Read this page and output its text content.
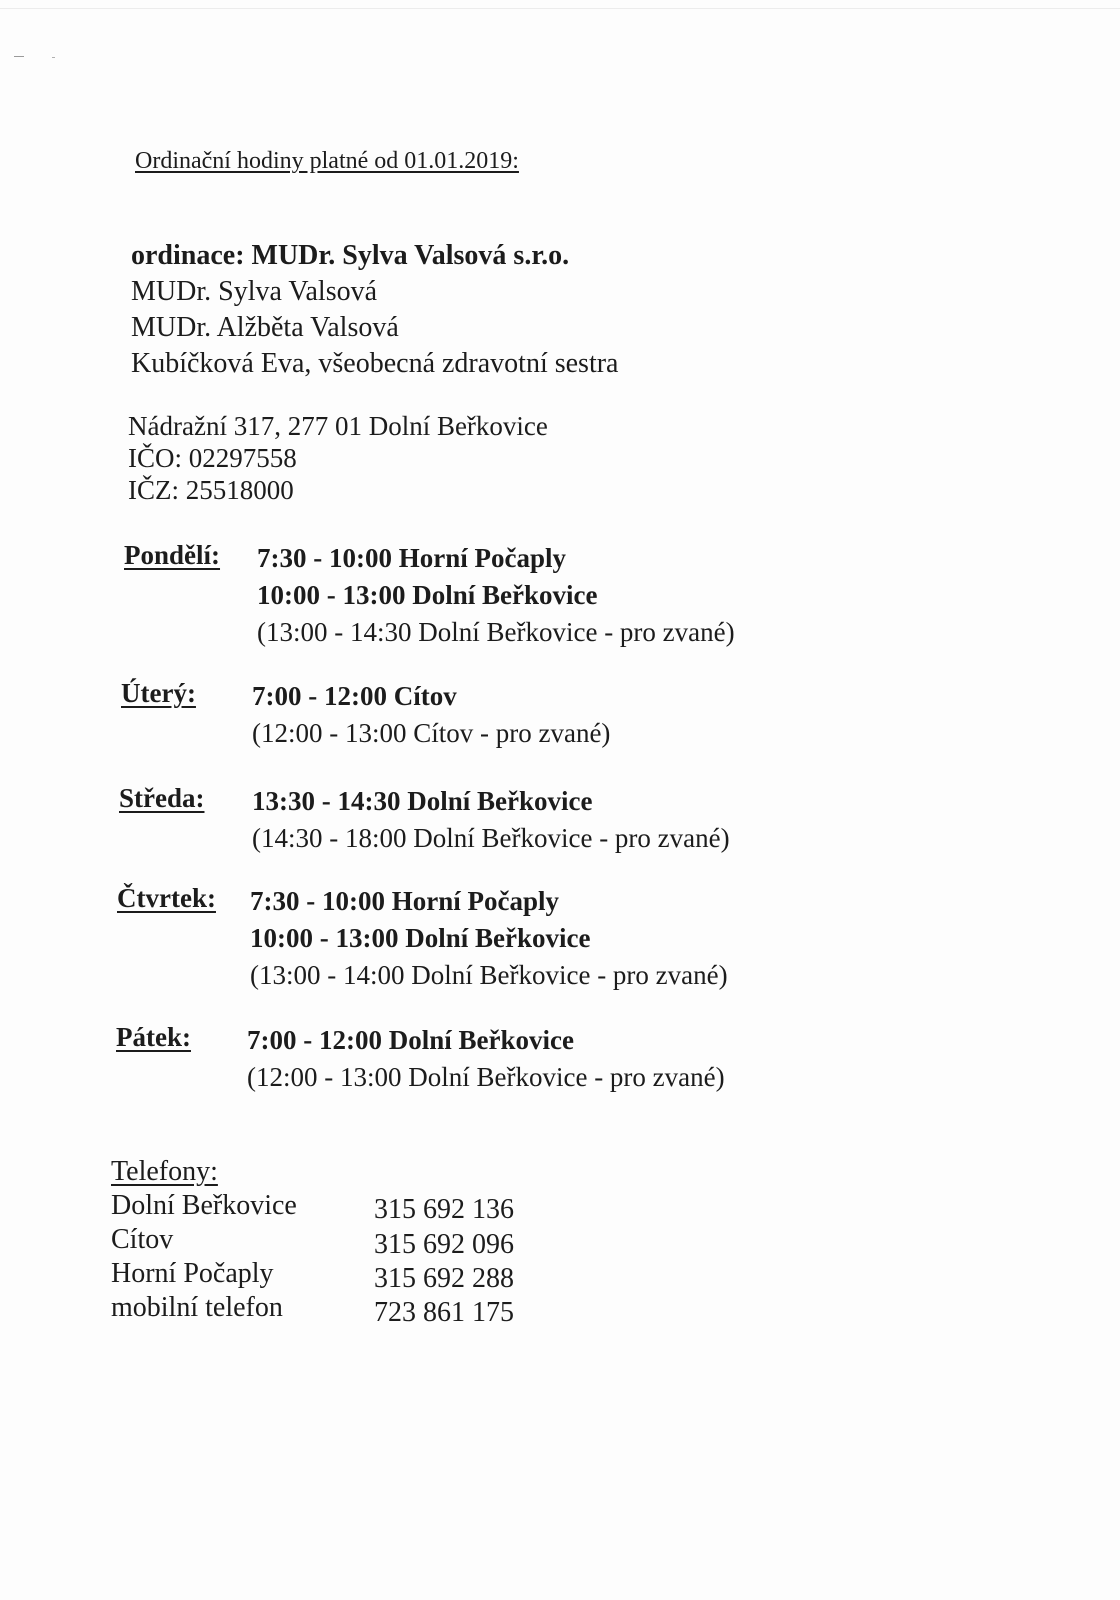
Ordinační hodiny platné od 01.01.2019:
ordinace: MUDr. Sylva Valsová s.r.o.
MUDr. Sylva Valsová
MUDr. Alžběta Valsová
Kubíčková Eva, všeobecná zdravotní sestra
Nádražní 317, 277 01 Dolní Beřkovice
IČO: 02297558
IČZ: 25518000
Pondělí: 7:30 - 10:00 Horní Počaply
10:00 - 13:00 Dolní Beřkovice
(13:00 - 14:30 Dolní Beřkovice - pro zvané)
Úterý: 7:00 - 12:00 Cítov
(12:00 - 13:00 Cítov - pro zvané)
Středa: 13:30 - 14:30 Dolní Beřkovice
(14:30 - 18:00 Dolní Beřkovice - pro zvané)
Čtvrtek: 7:30 - 10:00 Horní Počaply
10:00 - 13:00 Dolní Beřkovice
(13:00 - 14:00 Dolní Beřkovice - pro zvané)
Pátek: 7:00 - 12:00 Dolní Beřkovice
(12:00 - 13:00 Dolní Beřkovice - pro zvané)
Telefony:
Dolní Beřkovice	315 692 136
Cítov	315 692 096
Horní Počaply	315 692 288
mobilní telefon	723 861 175
